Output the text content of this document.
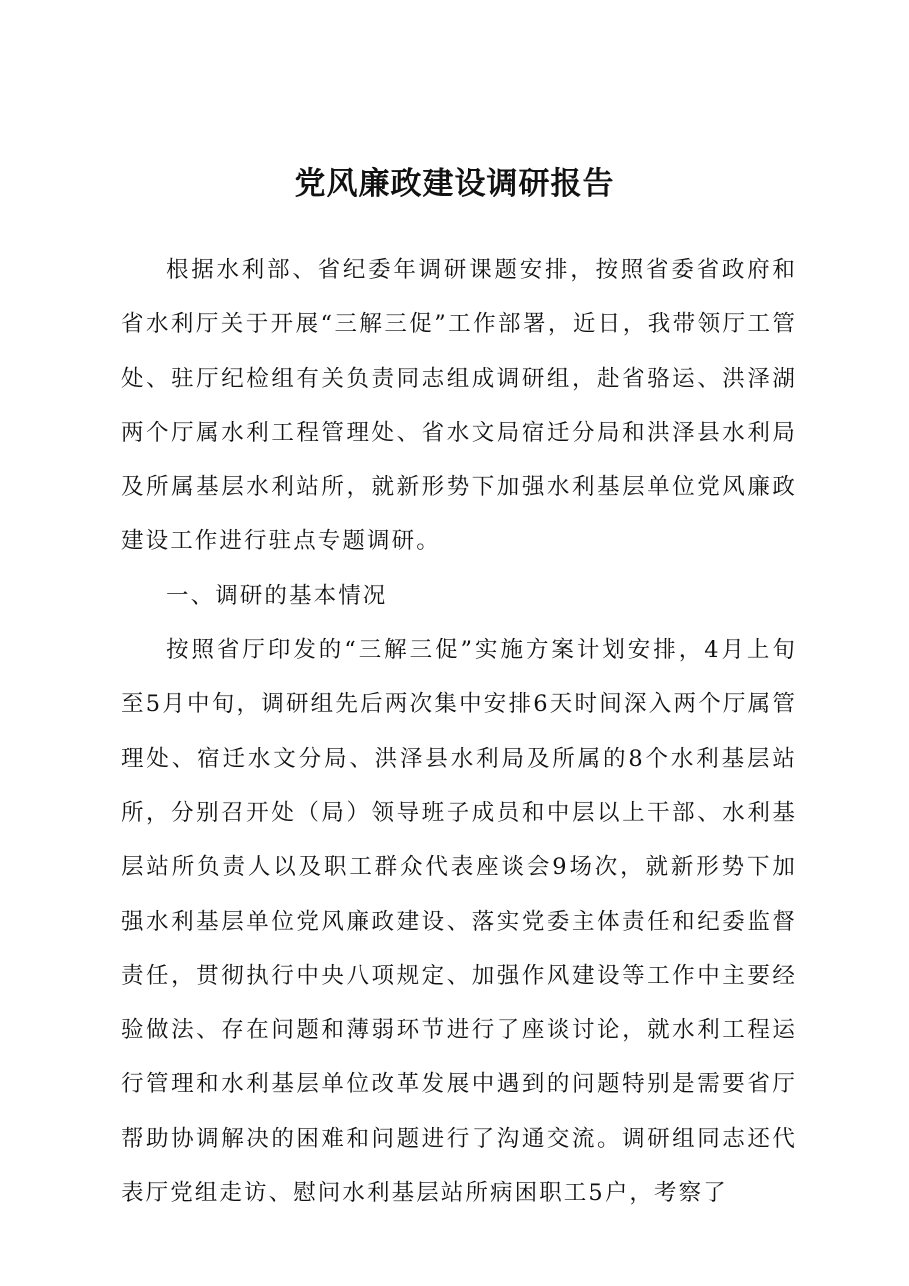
党风廉政建设调研报告

根据水利部、省纪委年调研课题安排，按照省委省政府和省水利厅关于开展“三解三促”工作部署，近日，我带领厅工管处、驻厅纪检组有关负责同志组成调研组，赴省骆运、洪泽湖两个厅属水利工程管理处、省水文局宿迁分局和洪泽县水利局及所属基层水利站所，就新形势下加强水利基层单位党风廉政建设工作进行驻点专题调研。

一、调研的基本情况

按照省厅印发的“三解三促”实施方案计划安排，4月上旬至5月中旬，调研组先后两次集中安排6天时间深入两个厅属管理处、宿迁水文分局、洪泽县水利局及所属的8个水利基层站所，分别召开处（局）领导班子成员和中层以上干部、水利基层站所负责人以及职工群众代表座谈会9场次，就新形势下加强水利基层单位党风廉政建设、落实党委主体责任和纪委监督责任，贯彻执行中央八项规定、加强作风建设等工作中主要经验做法、存在问题和薄弱环节进行了座谈讨论，就水利工程运行管理和水利基层单位改革发展中遇到的问题特别是需要省厅帮助协调解决的困难和问题进行了沟通交流。调研组同志还代表厅党组走访、慰问水利基层站所病困职工5户，考察了
